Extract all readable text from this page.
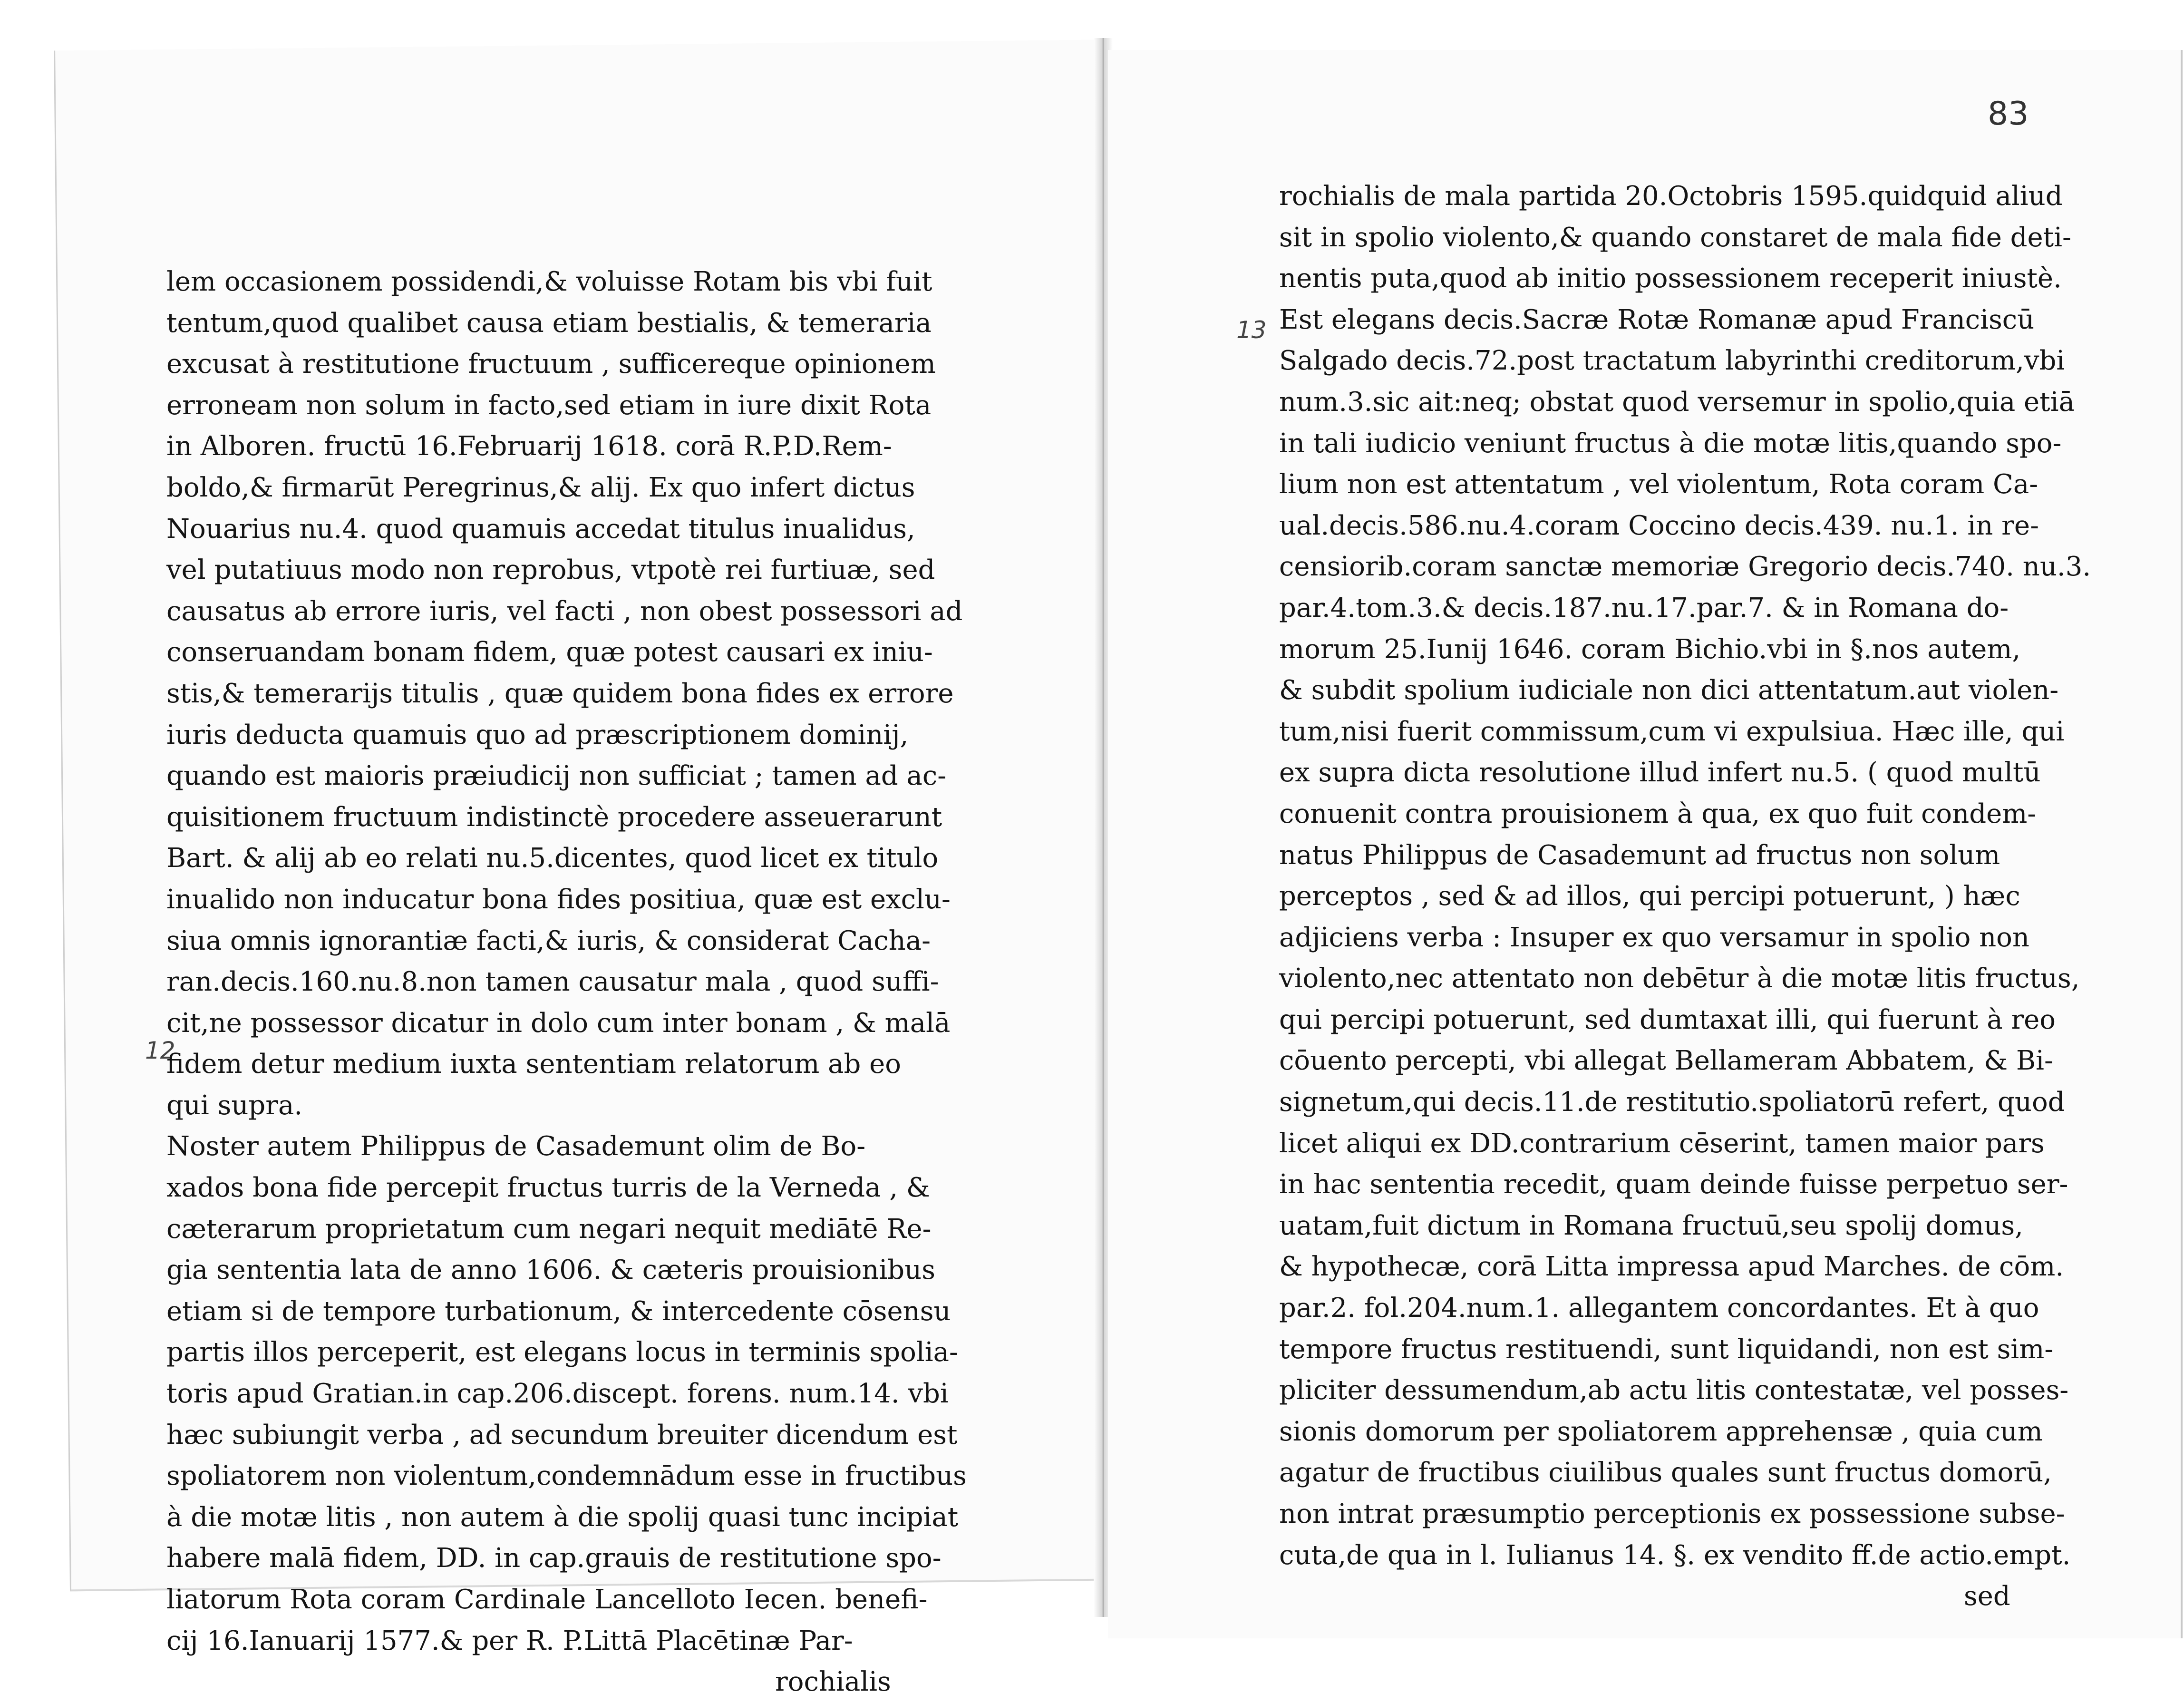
83
12
13
lem occasionem possidendi,& voluisse Rotam bis vbi fuit
tentum,quod qualibet causa etiam bestialis, & temeraria
excusat à restitutione fructuum , sufficereque opinionem
erroneam non solum in facto,sed etiam in iure dixit Rota
in Alboren. fructū 16.Februarij 1618. corā R.P.D.Rem-
boldo,& firmarūt Peregrinus,& alij. Ex quo infert dictus
Nouarius nu.4. quod quamuis accedat titulus inualidus,
vel putatiuus modo non reprobus, vtpotè rei furtiuæ, sed
causatus ab errore iuris, vel facti , non obest possessori ad
conseruandam bonam fidem, quæ potest causari ex iniu-
stis,& temerarijs titulis , quæ quidem bona fides ex errore
iuris deducta quamuis quo ad præscriptionem dominij,
quando est maioris præiudicij non sufficiat ; tamen ad ac-
quisitionem fructuum indistinctè procedere asseuerarunt
Bart. & alij ab eo relati nu.5.dicentes, quod licet ex titulo
inualido non inducatur bona fides positiua, quæ est exclu-
siua omnis ignorantiæ facti,& iuris, & considerat Cacha-
ran.decis.160.nu.8.non tamen causatur mala , quod suffi-
cit,ne possessor dicatur in dolo cum inter bonam , & malā
fidem detur medium iuxta sententiam relatorum ab eo
qui supra.
Noster autem Philippus de Casademunt olim de Bo-
xados bona fide percepit fructus turris de la Verneda , &
cæterarum proprietatum cum negari nequit mediātē Re-
gia sententia lata de anno 1606. & cæteris prouisionibus
etiam si de tempore turbationum, & intercedente cōsensu
partis illos perceperit, est elegans locus in terminis spolia-
toris apud Gratian.in cap.206.discept. forens. num.14. vbi
hæc subiungit verba , ad secundum breuiter dicendum est
spoliatorem non violentum,condemnādum esse in fructibus
à die motæ litis , non autem à die spolij quasi tunc incipiat
habere malā fidem, DD. in cap.grauis de restitutione spo-
liatorum Rota coram Cardinale Lancelloto Iecen. benefi-
cij 16.Ianuarij 1577.& per R. P.Littā Placētinæ Par-
rochialis
rochialis de mala partida 20.Octobris 1595.quidquid aliud
sit in spolio violento,& quando constaret de mala fide deti-
nentis puta,quod ab initio possessionem receperit iniustè.
Est elegans decis.Sacræ Rotæ Romanæ apud Franciscū
Salgado decis.72.post tractatum labyrinthi creditorum,vbi
num.3.sic ait:neq; obstat quod versemur in spolio,quia etiā
in tali iudicio veniunt fructus à die motæ litis,quando spo-
lium non est attentatum , vel violentum, Rota coram Ca-
ual.decis.586.nu.4.coram Coccino decis.439. nu.1. in re-
censiorib.coram sanctæ memoriæ Gregorio decis.740. nu.3.
par.4.tom.3.& decis.187.nu.17.par.7. & in Romana do-
morum 25.Iunij 1646. coram Bichio.vbi in §.nos autem,
& subdit spolium iudiciale non dici attentatum.aut violen-
tum,nisi fuerit commissum,cum vi expulsiua. Hæc ille, qui
ex supra dicta resolutione illud infert nu.5. ( quod multū
conuenit contra prouisionem à qua, ex quo fuit condem-
natus Philippus de Casademunt ad fructus non solum
perceptos , sed & ad illos, qui percipi potuerunt, ) hæc
adjiciens verba : Insuper ex quo versamur in spolio non
violento,nec attentato non debētur à die motæ litis fructus,
qui percipi potuerunt, sed dumtaxat illi, qui fuerunt à reo
cōuento percepti, vbi allegat Bellameram Abbatem, & Bi-
signetum,qui decis.11.de restitutio.spoliatorū refert, quod
licet aliqui ex DD.contrarium cēserint, tamen maior pars
in hac sententia recedit, quam deinde fuisse perpetuo ser-
uatam,fuit dictum in Romana fructuū,seu spolij domus,
& hypothecæ, corā Litta impressa apud Marches. de cōm.
par.2. fol.204.num.1. allegantem concordantes. Et à quo
tempore fructus restituendi, sunt liquidandi, non est sim-
pliciter dessumendum,ab actu litis contestatæ, vel posses-
sionis domorum per spoliatorem apprehensæ , quia cum
agatur de fructibus ciuilibus quales sunt fructus domorū,
non intrat præsumptio perceptionis ex possessione subse-
cuta,de qua in l. Iulianus 14. §. ex vendito ff.de actio.empt.
sed
